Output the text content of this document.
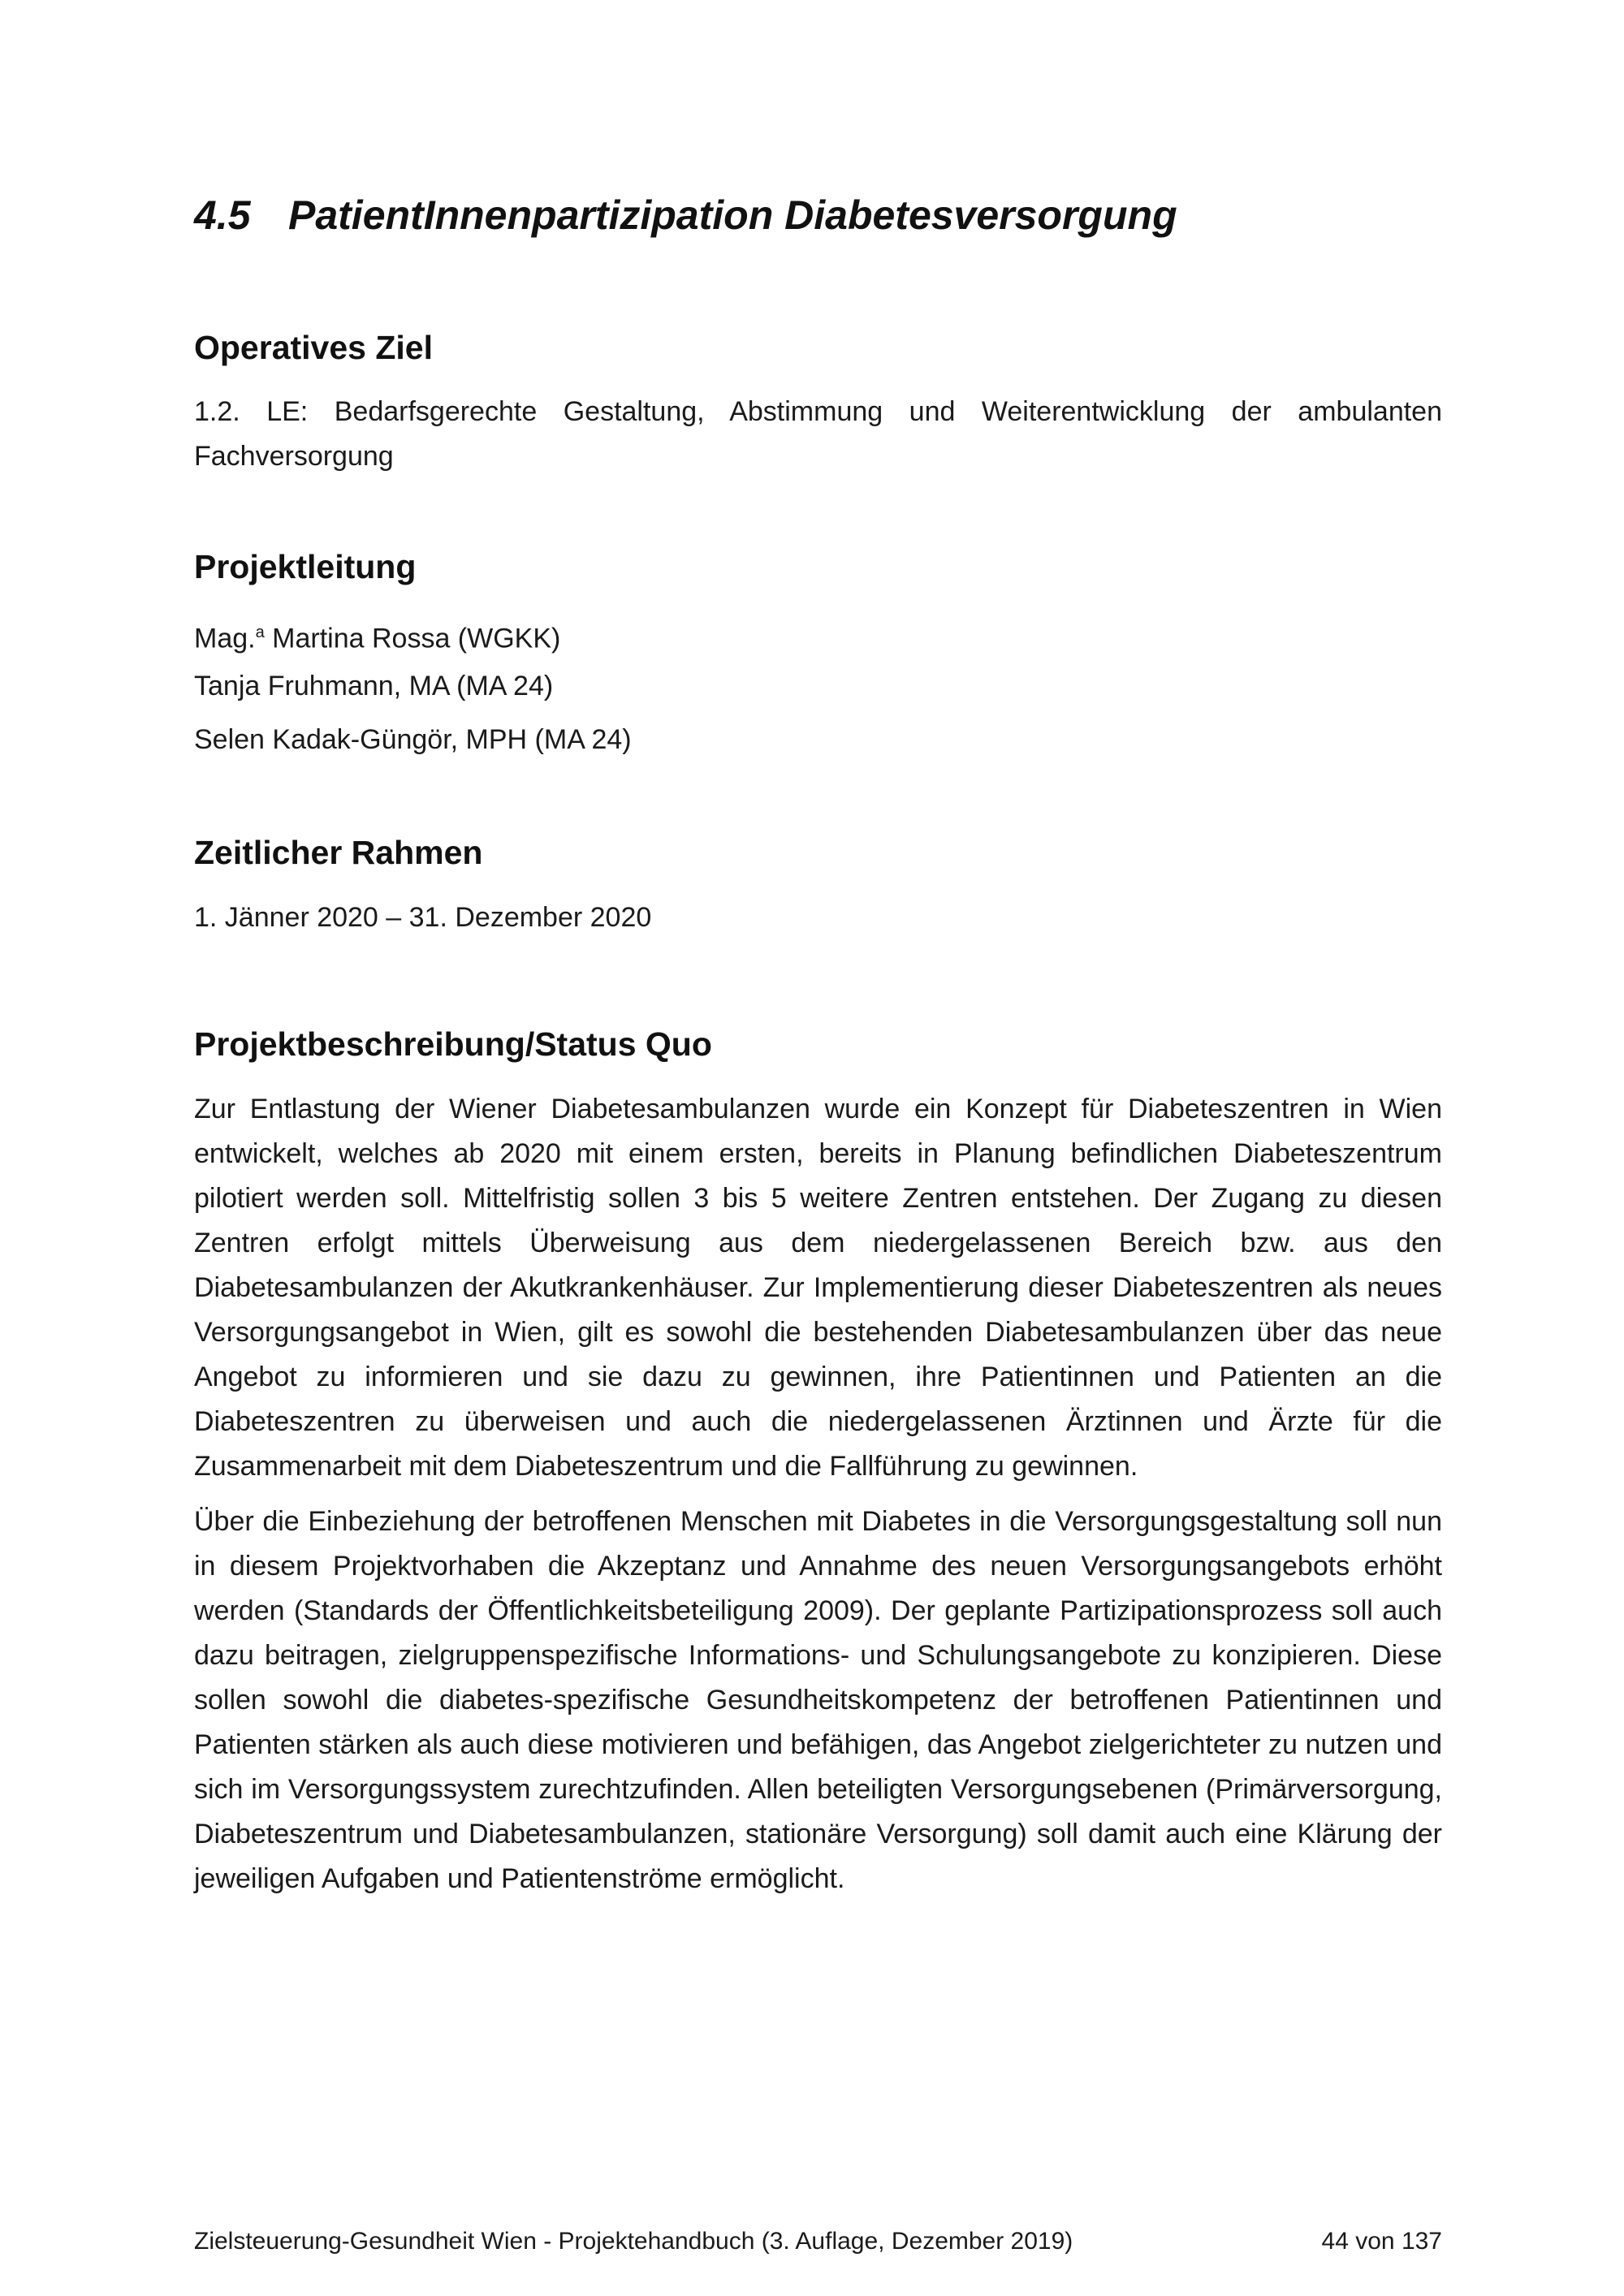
4.5 PatientInnenpartizipation Diabetesversorgung
Operatives Ziel

1.2. LE: Bedarfsgerechte Gestaltung, Abstimmung und Weiterentwicklung der ambulanten Fachversorgung

Projektleitung

Mag.$^a$ Martina Rossa (WGKK)

Tanja Fruhmann, MA (MA 24)

Selen Kadak-Güngör, MPH (MA 24)

Zeitlicher Rahmen

1. Jänner 2020 – 31. Dezember 2020

Projektbeschreibung/Status Quo

Zur Entlastung der Wiener Diabetesambulanzen wurde ein Konzept für Diabeteszentren in Wien entwickelt, welches ab 2020 mit einem ersten, bereits in Planung befindlichen Diabeteszentrum pilotiert werden soll. Mittelfristig sollen 3 bis 5 weitere Zentren entstehen. Der Zugang zu diesen Zentren erfolgt mittels Überweisung aus dem niedergelassenen Bereich bzw. aus den Diabetesambulanzen der Akutkrankenhäuser. Zur Implementierung dieser Diabeteszentren als neues Versorgungsangebot in Wien, gilt es sowohl die bestehenden Diabetesambulanzen über das neue Angebot zu informieren und sie dazu zu gewinnen, ihre Patientinnen und Patienten an die Diabeteszentren zu überweisen und auch die niedergelassenen Ärztinnen und Ärzte für die Zusammenarbeit mit dem Diabeteszentrum und die Fallführung zu gewinnen.

Über die Einbeziehung der betroffenen Menschen mit Diabetes in die Versorgungsgestaltung soll nun in diesem Projektvorhaben die Akzeptanz und Annahme des neuen Versorgungsangebots erhöht werden (Standards der Öffentlichkeitsbeteiligung 2009). Der geplante Partizipationsprozess soll auch dazu beitragen, zielgruppenspezifische Informations- und Schulungsangebote zu konzipieren. Diese sollen sowohl die diabetes-spezifische Gesundheitskompetenz der betroffenen Patientinnen und Patienten stärken als auch diese motivieren und befähigen, das Angebot zielgerichteter zu nutzen und sich im Versorgungssystem zurechtzufinden. Allen beteiligten Versorgungsebenen (Primärversorgung, Diabeteszentrum und Diabetesambulanzen, stationäre Versorgung) soll damit auch eine Klärung der jeweiligen Aufgaben und Patientenströme ermöglicht.

Zielsteuerung-Gesundheit Wien - Projektehandbuch (3. Auflage, Dezember 2019)	44 von 137
